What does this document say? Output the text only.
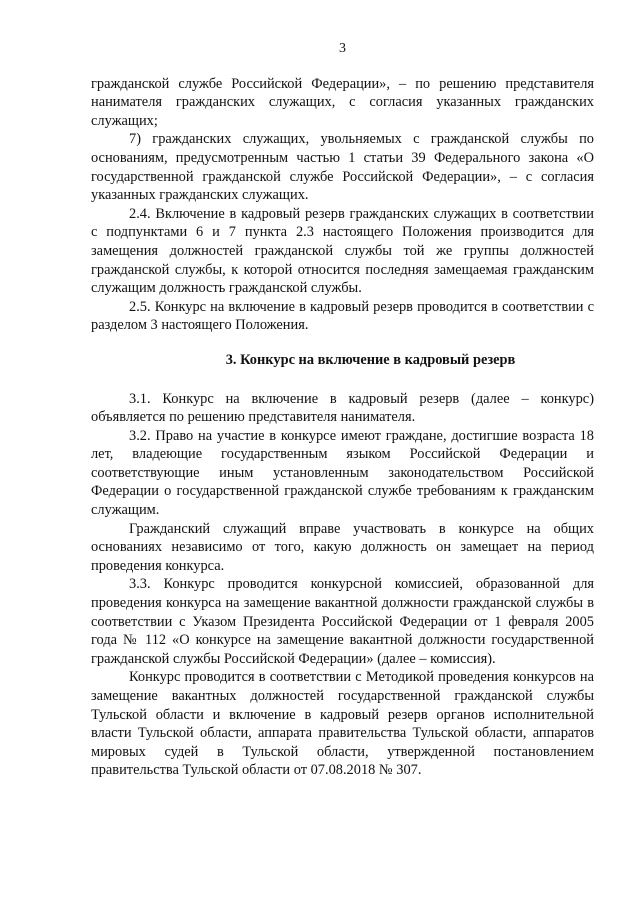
3

гражданской службе Российской Федерации», – по решению представителя нанимателя гражданских служащих, с согласия указанных гражданских служащих;

7) гражданских служащих, увольняемых с гражданской службы по основаниям, предусмотренным частью 1 статьи 39 Федерального закона «О государственной гражданской службе Российской Федерации», – с согласия указанных гражданских служащих.

2.4. Включение в кадровый резерв гражданских служащих в соответствии с подпунктами 6 и 7 пункта 2.3 настоящего Положения производится для замещения должностей гражданской службы той же группы должностей гражданской службы, к которой относится последняя замещаемая гражданским служащим должность гражданской службы.

2.5. Конкурс на включение в кадровый резерв проводится в соответствии с разделом 3 настоящего Положения.

3. Конкурс на включение в кадровый резерв

3.1. Конкурс на включение в кадровый резерв (далее – конкурс) объявляется по решению представителя нанимателя.

3.2. Право на участие в конкурсе имеют граждане, достигшие возраста 18 лет, владеющие государственным языком Российской Федерации и соответствующие иным установленным законодательством Российской Федерации о государственной гражданской службе требованиям к гражданским служащим.

Гражданский служащий вправе участвовать в конкурсе на общих основаниях независимо от того, какую должность он замещает на период проведения конкурса.

3.3. Конкурс проводится конкурсной комиссией, образованной для проведения конкурса на замещение вакантной должности гражданской службы в соответствии с Указом Президента Российской Федерации от 1 февраля 2005 года № 112 «О конкурсе на замещение вакантной должности государственной гражданской службы Российской Федерации» (далее – комиссия).

Конкурс проводится в соответствии с Методикой проведения конкурсов на замещение вакантных должностей государственной гражданской службы Тульской области и включение в кадровый резерв органов исполнительной власти Тульской области, аппарата правительства Тульской области, аппаратов мировых судей в Тульской области, утвержденной постановлением правительства Тульской области от 07.08.2018 № 307.
